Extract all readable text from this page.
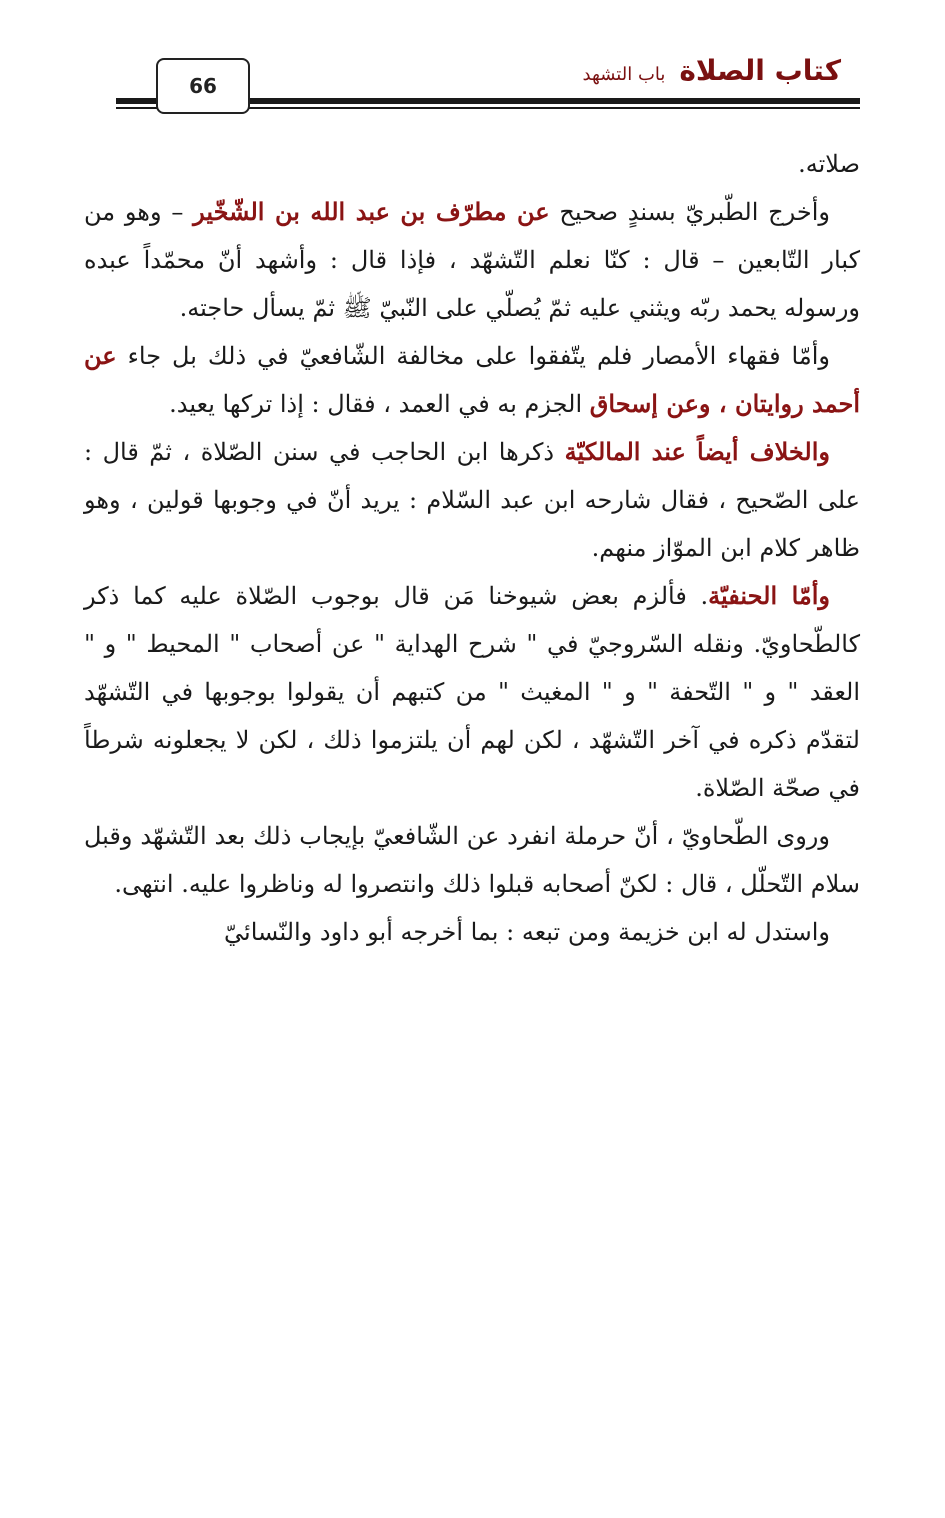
66	كتاب الصلاةباب التشهد

صلاته.

وأخرج الطّبريّ بسندٍ صحيح عن مطرّف بن عبد الله بن الشّخّير – وهو من كبار التّابعين – قال : كنّا نعلم التّشهّد ، فإذا قال : وأشهد أنّ محمّداً عبده ورسوله يحمد ربّه ويثني عليه ثمّ يُصلّي على النّبيّ ﷺ ثمّ يسأل حاجته.

وأمّا فقهاء الأمصار فلم يتّفقوا على مخالفة الشّافعيّ في ذلك بل جاء عن أحمد روايتان ، وعن إسحاق الجزم به في العمد ، فقال : إذا تركها يعيد.

والخلاف أيضاً عند المالكيّة ذكرها ابن الحاجب في سنن الصّلاة ، ثمّ قال : على الصّحيح ، فقال شارحه ابن عبد السّلام : يريد أنّ في وجوبها قولين ، وهو ظاهر كلام ابن الموّاز منهم.

وأمّا الحنفيّة. فألزم بعض شيوخنا مَن قال بوجوب الصّلاة عليه كما ذكر كالطّحاويّ. ونقله السّروجيّ في " شرح الهداية " عن أصحاب " المحيط " و " العقد " و " التّحفة " و " المغيث " من كتبهم أن يقولوا بوجوبها في التّشهّد لتقدّم ذكره في آخر التّشهّد ، لكن لهم أن يلتزموا ذلك ، لكن لا يجعلونه شرطاً في صحّة الصّلاة.

وروى الطّحاويّ ، أنّ حرملة انفرد عن الشّافعيّ بإيجاب ذلك بعد التّشهّد وقبل سلام التّحلّل ، قال : لكنّ أصحابه قبلوا ذلك وانتصروا له وناظروا عليه. انتهى.

واستدل له ابن خزيمة ومن تبعه : بما أخرجه أبو داود والنّسائيّ
